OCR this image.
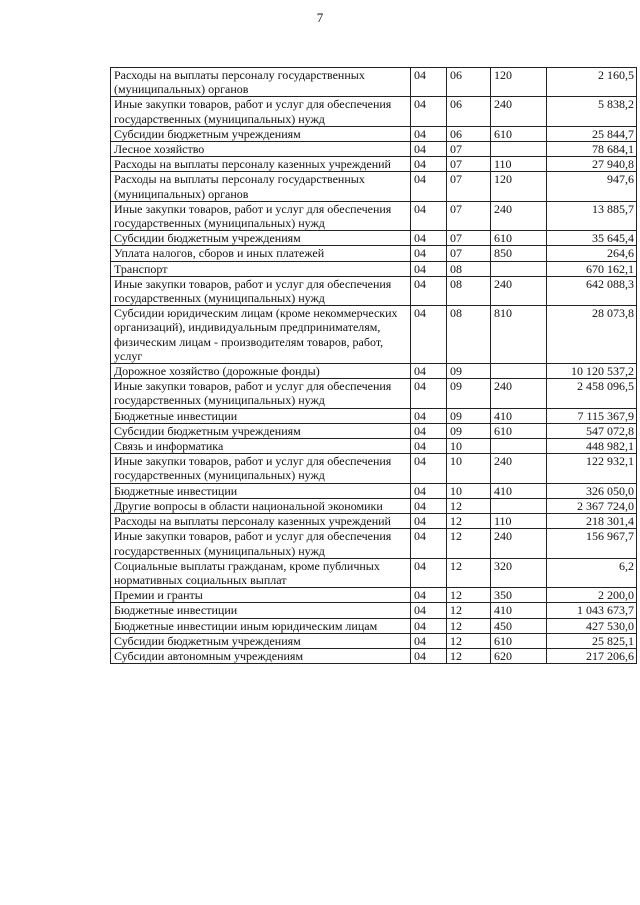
7
Расходы на выплаты персоналу государственных (муниципальных) органов	04	06	120	2 160,5
Иные закупки товаров, работ и услуг для обеспечения государственных (муниципальных) нужд	04	06	240	5 838,2
Субсидии бюджетным учреждениям	04	06	610	25 844,7
Лесное хозяйство	04	07		78 684,1
Расходы на выплаты персоналу казенных учреждений	04	07	110	27 940,8
Расходы на выплаты персоналу государственных (муниципальных) органов	04	07	120	947,6
Иные закупки товаров, работ и услуг для обеспечения государственных (муниципальных) нужд	04	07	240	13 885,7
Субсидии бюджетным учреждениям	04	07	610	35 645,4
Уплата налогов, сборов и иных платежей	04	07	850	264,6
Транспорт	04	08		670 162,1
Иные закупки товаров, работ и услуг для обеспечения государственных (муниципальных) нужд	04	08	240	642 088,3
Субсидии юридическим лицам (кроме некоммерческих организаций), индивидуальным предпринимателям, физическим лицам - производителям товаров, работ, услуг	04	08	810	28 073,8
Дорожное хозяйство (дорожные фонды)	04	09		10 120 537,2
Иные закупки товаров, работ и услуг для обеспечения государственных (муниципальных) нужд	04	09	240	2 458 096,5
Бюджетные инвестиции	04	09	410	7 115 367,9
Субсидии бюджетным учреждениям	04	09	610	547 072,8
Связь и информатика	04	10		448 982,1
Иные закупки товаров, работ и услуг для обеспечения государственных (муниципальных) нужд	04	10	240	122 932,1
Бюджетные инвестиции	04	10	410	326 050,0
Другие вопросы в области национальной экономики	04	12		2 367 724,0
Расходы на выплаты персоналу казенных учреждений	04	12	110	218 301,4
Иные закупки товаров, работ и услуг для обеспечения государственных (муниципальных) нужд	04	12	240	156 967,7
Социальные выплаты гражданам, кроме публичных нормативных социальных выплат	04	12	320	6,2
Премии и гранты	04	12	350	2 200,0
Бюджетные инвестиции	04	12	410	1 043 673,7
Бюджетные инвестиции иным юридическим лицам	04	12	450	427 530,0
Субсидии бюджетным учреждениям	04	12	610	25 825,1
Субсидии автономным учреждениям	04	12	620	217 206,6
